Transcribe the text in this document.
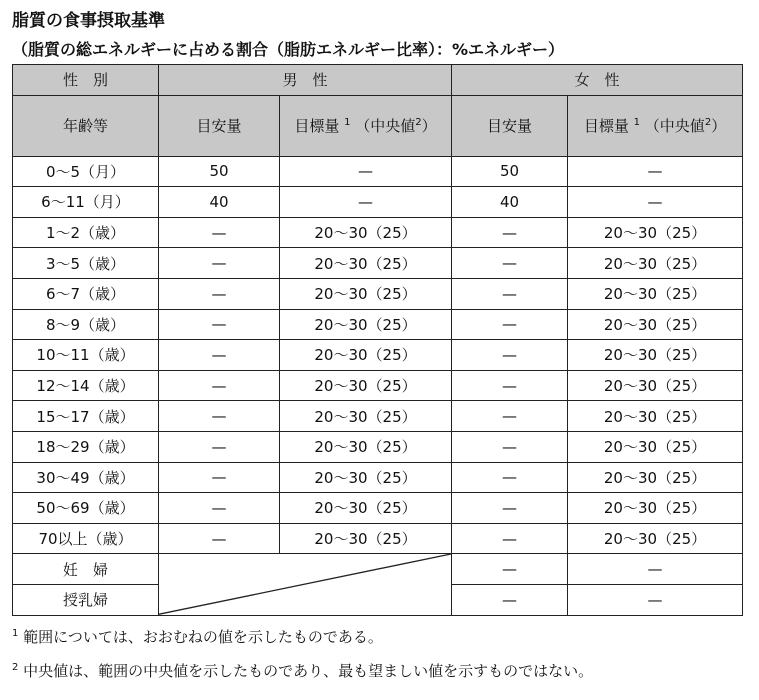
脂質の食事摂取基準
（脂質の総エネルギーに占める割合（脂肪エネルギー比率）：%エネルギー）
性　別	男　性		女　性	
年齢等	目安量	目標量 $^1$ （中央値$^2$）	目安量	目標量 $^1$ （中央値$^2$）
0～5（月）	50	—	50	—
6～11（月）	40	—	40	—
1～2（歳）	—	20～30（25）	—	20～30（25）
3～5（歳）	—	20～30（25）	—	20～30（25）
6～7（歳）	—	20～30（25）	—	20～30（25）
8～9（歳）	—	20～30（25）	—	20～30（25）
10～11（歳）	—	20～30（25）	—	20～30（25）
12～14（歳）	—	20～30（25）	—	20～30（25）
15～17（歳）	—	20～30（25）	—	20～30（25）
18～29（歳）	—	20～30（25）	—	20～30（25）
30～49（歳）	—	20～30（25）	—	20～30（25）
50～69（歳）	—	20～30（25）	—	20～30（25）
70以上（歳）	—	20～30（25）	—	20～30（25）
妊　婦			—	—
授乳婦			—	—
$^1$ 範囲については、おおむねの値を示したものである。
$^2$ 中央値は、範囲の中央値を示したものであり、最も望ましい値を示すものではない。
